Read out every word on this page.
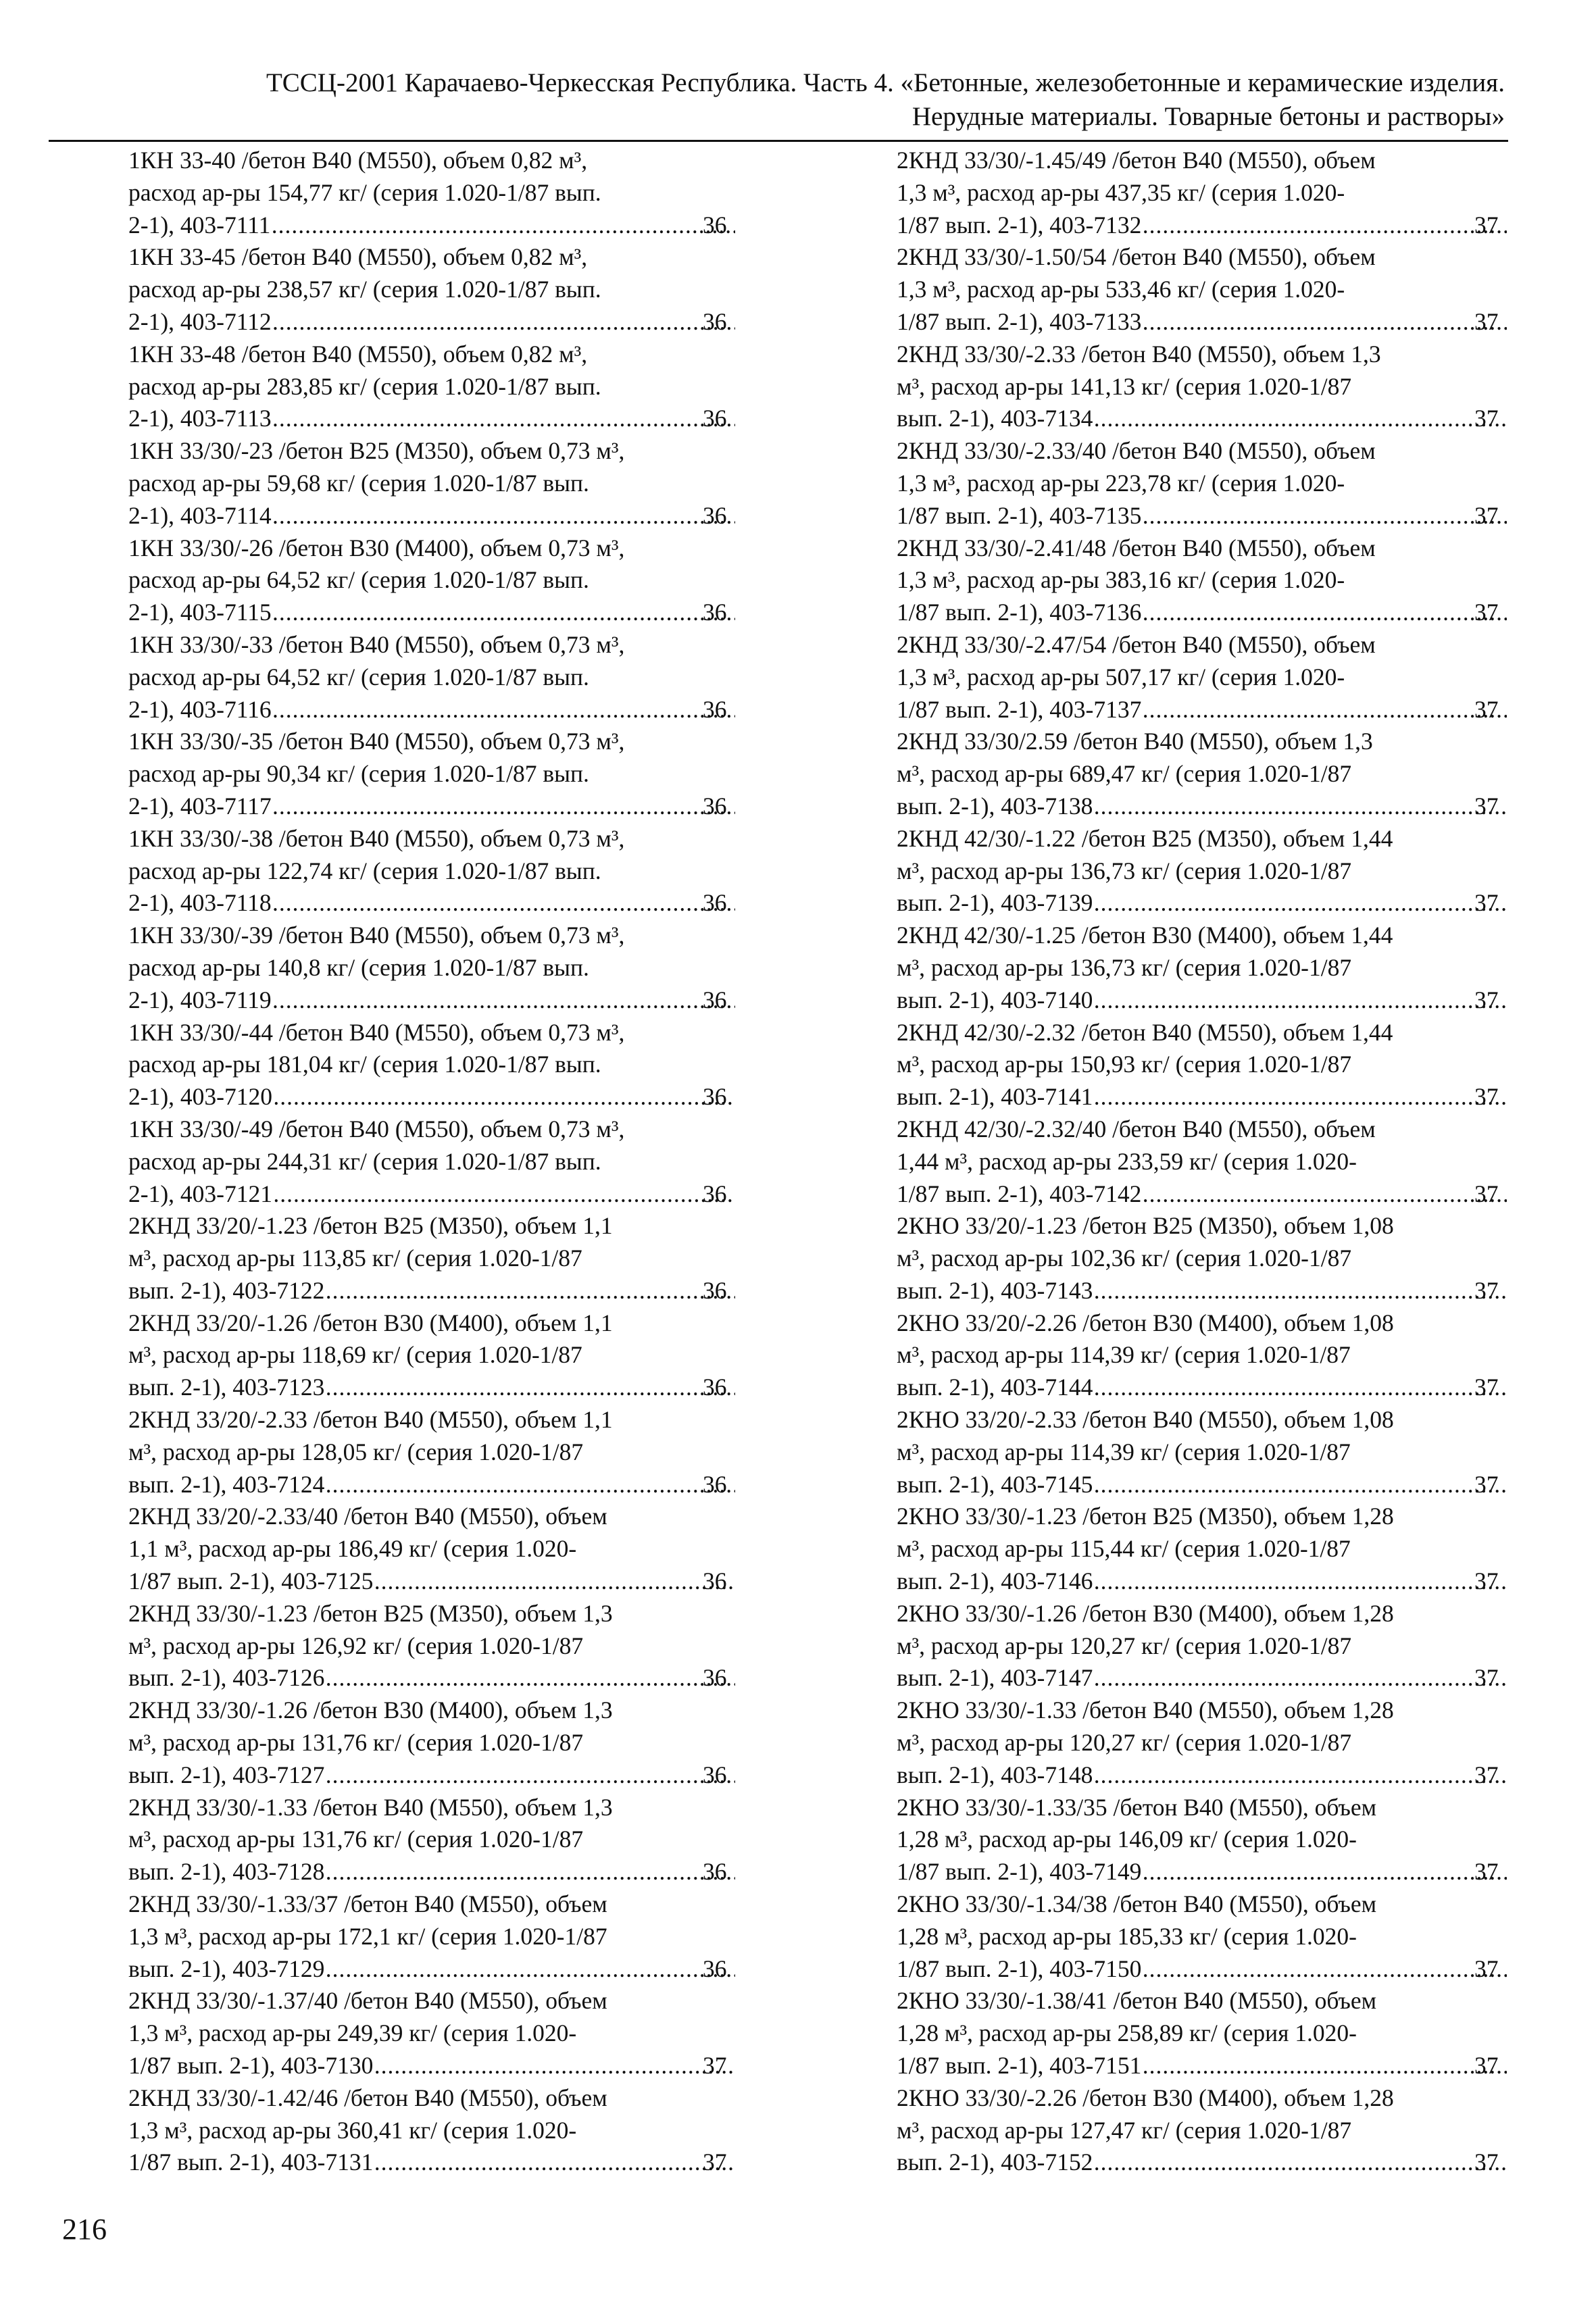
ТССЦ-2001 Карачаево-Черкесская Республика. Часть 4. «Бетонные, железобетонные и керамические изделия.
Нерудные материалы. Товарные бетоны и растворы»

1КН 33-40 /бетон В40 (М550), объем 0,82 м³,
расход ар-ры 154,77 кг/ (серия 1.020-1/87 вып.
2-1), 403-7111 .....	36

1КН 33-45 /бетон В40 (М550), объем 0,82 м³,
расход ар-ры 238,57 кг/ (серия 1.020-1/87 вып.
2-1), 403-7112 .....	36

1КН 33-48 /бетон В40 (М550), объем 0,82 м³,
расход ар-ры 283,85 кг/ (серия 1.020-1/87 вып.
2-1), 403-7113 .....	36

1КН 33/30/-23 /бетон В25 (М350), объем 0,73 м³,
расход ар-ры 59,68 кг/ (серия 1.020-1/87 вып.
2-1), 403-7114 .....	36

1КН 33/30/-26 /бетон В30 (М400), объем 0,73 м³,
расход ар-ры 64,52 кг/ (серия 1.020-1/87 вып.
2-1), 403-7115 .....	36

1КН 33/30/-33 /бетон В40 (М550), объем 0,73 м³,
расход ар-ры 64,52 кг/ (серия 1.020-1/87 вып.
2-1), 403-7116 .....	36

1КН 33/30/-35 /бетон В40 (М550), объем 0,73 м³,
расход ар-ры 90,34 кг/ (серия 1.020-1/87 вып.
2-1), 403-7117 .....	36

1КН 33/30/-38 /бетон В40 (М550), объем 0,73 м³,
расход ар-ры 122,74 кг/ (серия 1.020-1/87 вып.
2-1), 403-7118 .....	36

1КН 33/30/-39 /бетон В40 (М550), объем 0,73 м³,
расход ар-ры 140,8 кг/ (серия 1.020-1/87 вып.
2-1), 403-7119 .....	36

1КН 33/30/-44 /бетон В40 (М550), объем 0,73 м³,
расход ар-ры 181,04 кг/ (серия 1.020-1/87 вып.
2-1), 403-7120 .....	36

1КН 33/30/-49 /бетон В40 (М550), объем 0,73 м³,
расход ар-ры 244,31 кг/ (серия 1.020-1/87 вып.
2-1), 403-7121 .....	36

2КНД 33/20/-1.23 /бетон В25 (М350), объем 1,1
м³, расход ар-ры 113,85 кг/ (серия 1.020-1/87
вып. 2-1), 403-7122 .....	36

2КНД 33/20/-1.26 /бетон В30 (М400), объем 1,1
м³, расход ар-ры 118,69 кг/ (серия 1.020-1/87
вып. 2-1), 403-7123 .....	36

2КНД 33/20/-2.33 /бетон В40 (М550), объем 1,1
м³, расход ар-ры 128,05 кг/ (серия 1.020-1/87
вып. 2-1), 403-7124 .....	36

2КНД 33/20/-2.33/40 /бетон В40 (М550), объем
1,1 м³, расход ар-ры 186,49 кг/ (серия 1.020-
1/87 вып. 2-1), 403-7125 .....	36

2КНД 33/30/-1.23 /бетон В25 (М350), объем 1,3
м³, расход ар-ры 126,92 кг/ (серия 1.020-1/87
вып. 2-1), 403-7126 .....	36

2КНД 33/30/-1.26 /бетон В30 (М400), объем 1,3
м³, расход ар-ры 131,76 кг/ (серия 1.020-1/87
вып. 2-1), 403-7127 .....	36

2КНД 33/30/-1.33 /бетон В40 (М550), объем 1,3
м³, расход ар-ры 131,76 кг/ (серия 1.020-1/87
вып. 2-1), 403-7128 .....	36

2КНД 33/30/-1.33/37 /бетон В40 (М550), объем
1,3 м³, расход ар-ры 172,1 кг/ (серия 1.020-1/87
вып. 2-1), 403-7129 .....	36

2КНД 33/30/-1.37/40 /бетон В40 (М550), объем
1,3 м³, расход ар-ры 249,39 кг/ (серия 1.020-
1/87 вып. 2-1), 403-7130 .....	37

2КНД 33/30/-1.42/46 /бетон В40 (М550), объем
1,3 м³, расход ар-ры 360,41 кг/ (серия 1.020-
1/87 вып. 2-1), 403-7131 .....	37

2КНД 33/30/-1.45/49 /бетон В40 (М550), объем
1,3 м³, расход ар-ры 437,35 кг/ (серия 1.020-
1/87 вып. 2-1), 403-7132 .....	37

2КНД 33/30/-1.50/54 /бетон В40 (М550), объем
1,3 м³, расход ар-ры 533,46 кг/ (серия 1.020-
1/87 вып. 2-1), 403-7133 .....	37

2КНД 33/30/-2.33 /бетон В40 (М550), объем 1,3
м³, расход ар-ры 141,13 кг/ (серия 1.020-1/87
вып. 2-1), 403-7134 .....	37

2КНД 33/30/-2.33/40 /бетон В40 (М550), объем
1,3 м³, расход ар-ры 223,78 кг/ (серия 1.020-
1/87 вып. 2-1), 403-7135 .....	37

2КНД 33/30/-2.41/48 /бетон В40 (М550), объем
1,3 м³, расход ар-ры 383,16 кг/ (серия 1.020-
1/87 вып. 2-1), 403-7136 .....	37

2КНД 33/30/-2.47/54 /бетон В40 (М550), объем
1,3 м³, расход ар-ры 507,17 кг/ (серия 1.020-
1/87 вып. 2-1), 403-7137 .....	37

2КНД 33/30/2.59 /бетон В40 (М550), объем 1,3
м³, расход ар-ры 689,47 кг/ (серия 1.020-1/87
вып. 2-1), 403-7138 .....	37

2КНД 42/30/-1.22 /бетон В25 (М350), объем 1,44
м³, расход ар-ры 136,73 кг/ (серия 1.020-1/87
вып. 2-1), 403-7139 .....	37

2КНД 42/30/-1.25 /бетон В30 (М400), объем 1,44
м³, расход ар-ры 136,73 кг/ (серия 1.020-1/87
вып. 2-1), 403-7140 .....	37

2КНД 42/30/-2.32 /бетон В40 (М550), объем 1,44
м³, расход ар-ры 150,93 кг/ (серия 1.020-1/87
вып. 2-1), 403-7141 .....	37

2КНД 42/30/-2.32/40 /бетон В40 (М550), объем
1,44 м³, расход ар-ры 233,59 кг/ (серия 1.020-
1/87 вып. 2-1), 403-7142 .....	37

2КНО 33/20/-1.23 /бетон В25 (М350), объем 1,08
м³, расход ар-ры 102,36 кг/ (серия 1.020-1/87
вып. 2-1), 403-7143 .....	37

2КНО 33/20/-2.26 /бетон В30 (М400), объем 1,08
м³, расход ар-ры 114,39 кг/ (серия 1.020-1/87
вып. 2-1), 403-7144 .....	37

2КНО 33/20/-2.33 /бетон В40 (М550), объем 1,08
м³, расход ар-ры 114,39 кг/ (серия 1.020-1/87
вып. 2-1), 403-7145 .....	37

2КНО 33/30/-1.23 /бетон В25 (М350), объем 1,28
м³, расход ар-ры 115,44 кг/ (серия 1.020-1/87
вып. 2-1), 403-7146 .....	37

2КНО 33/30/-1.26 /бетон В30 (М400), объем 1,28
м³, расход ар-ры 120,27 кг/ (серия 1.020-1/87
вып. 2-1), 403-7147 .....	37

2КНО 33/30/-1.33 /бетон В40 (М550), объем 1,28
м³, расход ар-ры 120,27 кг/ (серия 1.020-1/87
вып. 2-1), 403-7148 .....	37

2КНО 33/30/-1.33/35 /бетон В40 (М550), объем
1,28 м³, расход ар-ры 146,09 кг/ (серия 1.020-
1/87 вып. 2-1), 403-7149 .....	37

2КНО 33/30/-1.34/38 /бетон В40 (М550), объем
1,28 м³, расход ар-ры 185,33 кг/ (серия 1.020-
1/87 вып. 2-1), 403-7150 .....	37

2КНО 33/30/-1.38/41 /бетон В40 (М550), объем
1,28 м³, расход ар-ры 258,89 кг/ (серия 1.020-
1/87 вып. 2-1), 403-7151 .....	37

2КНО 33/30/-2.26 /бетон В30 (М400), объем 1,28
м³, расход ар-ры 127,47 кг/ (серия 1.020-1/87
вып. 2-1), 403-7152 .....	37

216
